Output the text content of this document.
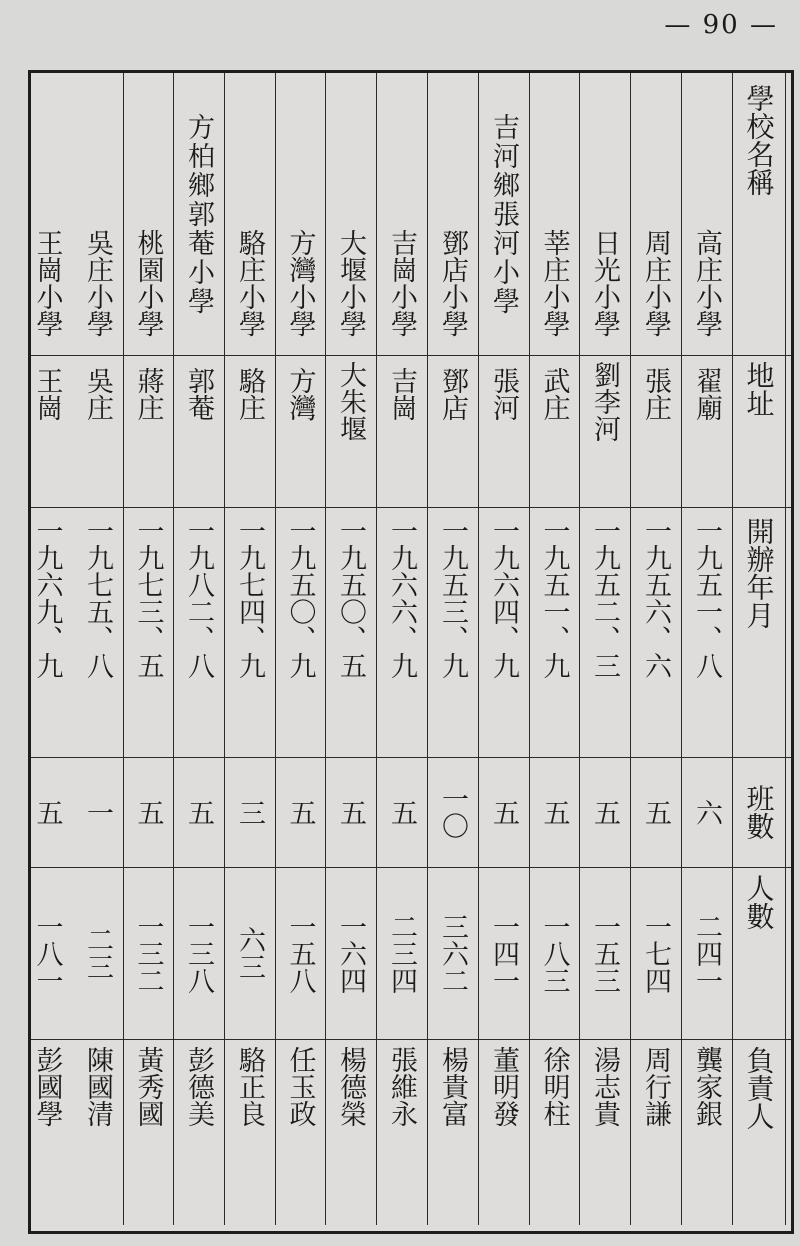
— 90 —
學校名稱
高庄小學
周庄小學
日光小學
莘庄小學
吉河鄉張河小學
鄧店小學
吉崗小學
大堰小學
方灣小學
駱庄小學
方柏鄉郭菴小學
桃園小學
吳庄小學
王崗小學
地址
翟廟
張庄
劉李河
武庄
張河
鄧店
吉崗
大朱堰
方灣
駱庄
郭菴
蔣庄
吳庄
王崗
開辦年月
一九五一、八
一九五六、六
一九五二、三
一九五一、九
一九六四、九
一九五三、九
一九六六、九
一九五〇、五
一九五〇、九
一九七四、九
一九八二、八
一九七三、五
一九七五、八
一九六九、九
班數
六
五
五
五
五
一〇
五
五
五
三
五
五
一
五
人數
二四一
一七四
一五三
一八三
一四一
三六二
二三四
一六四
一五八
六三
一三八
一三二
二三
一八一
負責人
龔家銀
周行謙
湯志貴
徐明柱
董明發
楊貴富
張維永
楊德榮
任玉政
駱正良
彭德美
黃秀國
陳國清
彭國學
